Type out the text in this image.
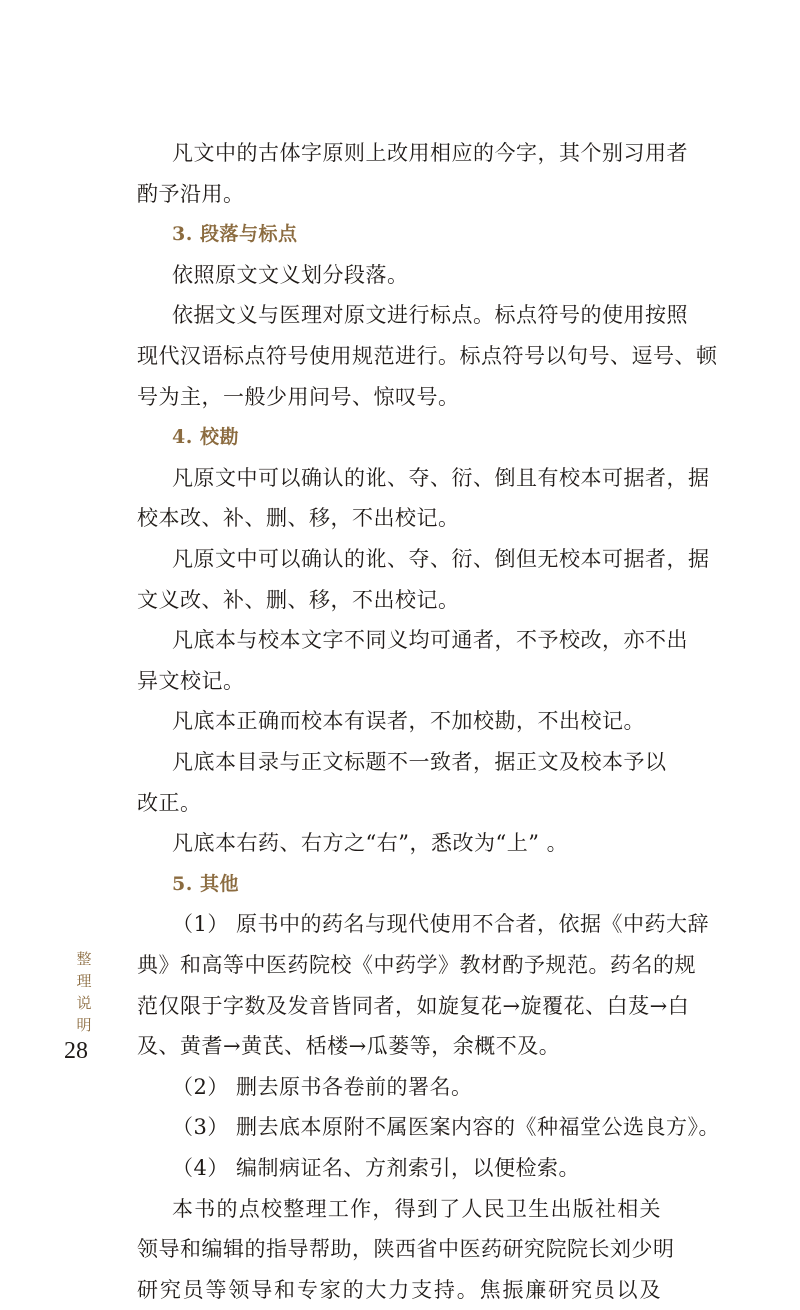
凡文中的古体字原则上改用相应的今字，其个别习用者
酌予沿用。
3. 段落与标点
依照原文文义划分段落。
依据文义与医理对原文进行标点。标点符号的使用按照
现代汉语标点符号使用规范进行。标点符号以句号、逗号、顿
号为主，一般少用问号、惊叹号。
4. 校勘
凡原文中可以确认的讹、夺、衍、倒且有校本可据者，据
校本改、补、删、移，不出校记。
凡原文中可以确认的讹、夺、衍、倒但无校本可据者，据
文义改、补、删、移，不出校记。
凡底本与校本文字不同义均可通者，不予校改，亦不出
异文校记。
凡底本正确而校本有误者，不加校勘，不出校记。
凡底本目录与正文标题不一致者，据正文及校本予以
改正。
凡底本右药、右方之“右”，悉改为“上” 。
5. 其他
（1） 原书中的药名与现代使用不合者，依据《中药大辞
典》和高等中医药院校《中药学》教材酌予规范。药名的规
范仅限于字数及发音皆同者，如旋复花→旋覆花、白芨→白
及、黄耆→黄芪、栝楼→瓜蒌等，余概不及。
（2） 删去原书各卷前的署名。
（3） 删去底本原附不属医案内容的《种福堂公选良方》。
（4） 编制病证名、方剂索引，以便检索。
本书的点校整理工作，得到了人民卫生出版社相关
领导和编辑的指导帮助，陕西省中医药研究院院长刘少明
研究员等领导和专家的大力支持。焦振廉研究员以及
整理说明
28
